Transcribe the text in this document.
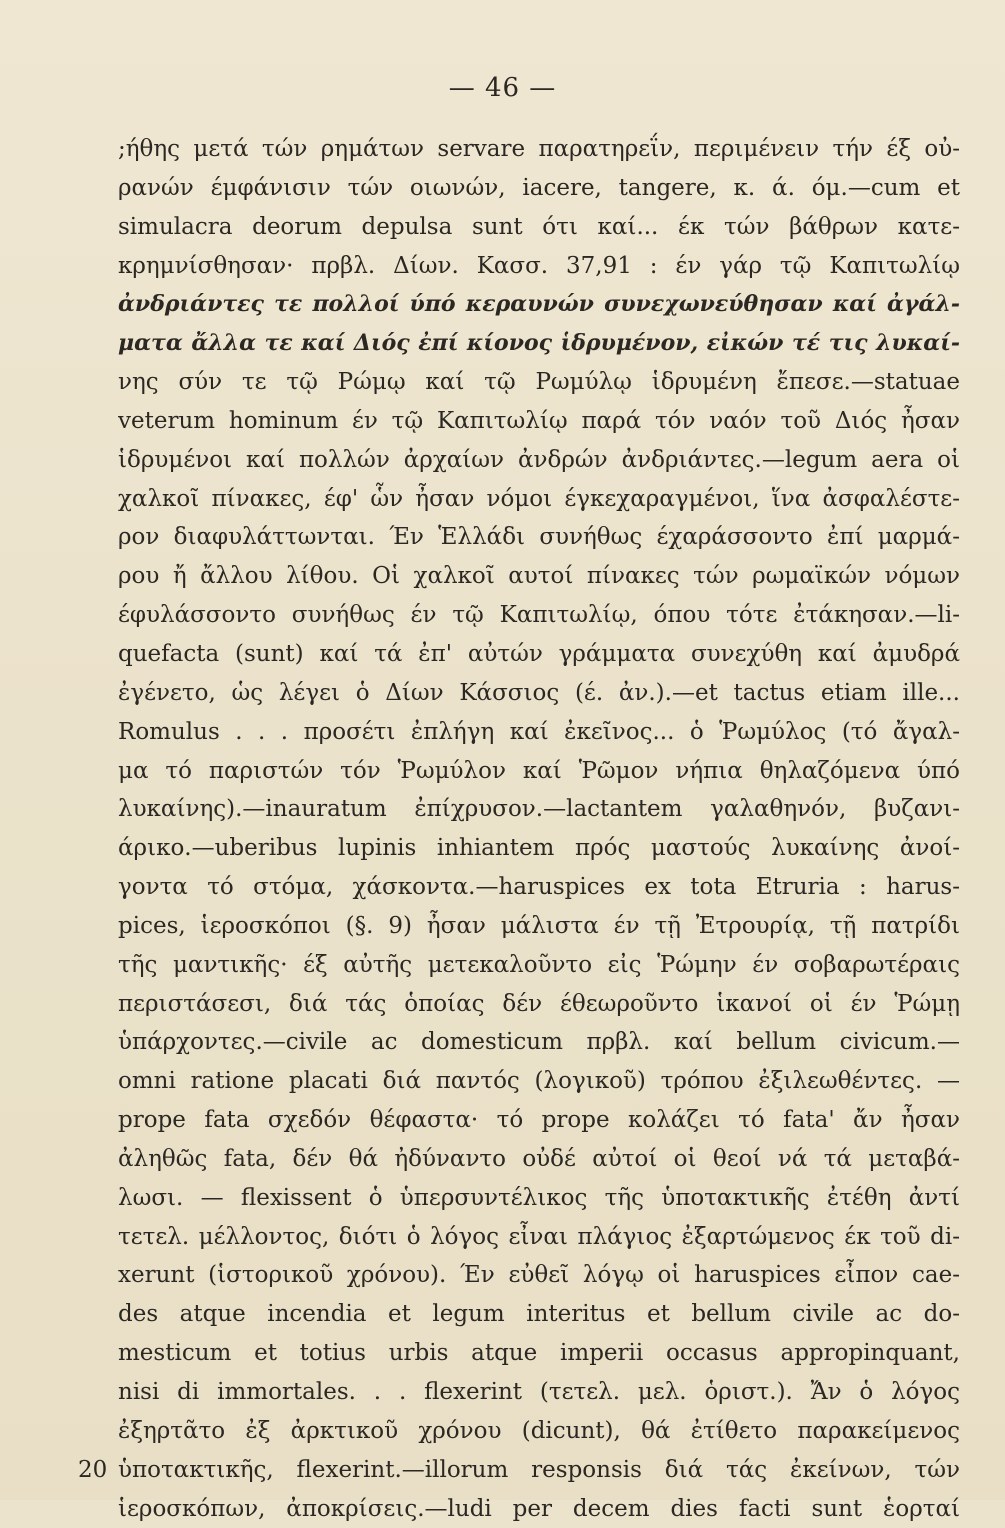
— 46 —
;ήθης μετά τών ρημάτων servare παρατηρεΐν, περιμένειν τήν έξ οὐ-
ρανών έμφάνισιν τών οιωνών, iacere, tangere, κ. ά. όμ.—cum et
simulacra deorum depulsa sunt ότι καί... έκ τών βάθρων κατε-
κρημνίσθησαν· πρβλ. Δίων. Κασσ. 37,91 : έν γάρ τῷ Καπιτωλίῳ
ἀνδριάντες τε πολλοί ύπό κεραυνών συνεχωνεύθησαν καί ἀγάλ-
ματα ἄλλα τε καί Διός ἐπί κίονος ἱδρυμένον, εἰκών τέ τις λυκαί-
νης σύν τε τῷ Ρώμῳ καί τῷ Ρωμύλῳ ἱδρυμένη ἔπεσε.—statuae
veterum hominum έν τῷ Καπιτωλίῳ παρά τόν ναόν τοῦ Διός ἦσαν
ἱδρυμένοι καί πολλών ἀρχαίων ἀνδρών ἀνδριάντες.—legum aera οἱ
χαλκοῖ πίνακες, έφ' ὧν ἦσαν νόμοι έγκεχαραγμένοι, ἵνα ἀσφαλέστε-
ρον διαφυλάττωνται. Έν Ἑλλάδι συνήθως έχαράσσοντο ἐπί μαρμά-
ρου ἤ ἄλλου λίθου. Οἱ χαλκοῖ αυτοί πίνακες τών ρωμαϊκών νόμων
έφυλάσσοντο συνήθως έν τῷ Καπιτωλίῳ, όπου τότε ἐτάκησαν.—li-
quefacta (sunt) καί τά ἐπ' αὐτών γράμματα συνεχύθη καί ἀμυδρά
ἐγένετο, ὡς λέγει ὁ Δίων Κάσσιος (έ. ἀν.).—et tactus etiam ille...
Romulus . . . προσέτι ἐπλήγη καί ἐκεῖνος... ὁ Ῥωμύλος (τό ἄγαλ-
μα τό παριστών τόν Ῥωμύλον καί Ῥῶμον νήπια θηλαζόμενα ύπό
λυκαίνης).—inauratum ἐπίχρυσον.—lactantem γαλαθηνόν, βυζανι-
άρικο.—uberibus lupinis inhiantem πρός μαστούς λυκαίνης ἀνοί-
γοντα τό στόμα, χάσκοντα.—haruspices ex tota Etruria : harus-
pices, ἱεροσκόποι (§. 9) ἦσαν μάλιστα έν τῇ Ἐτρουρίᾳ, τῇ πατρίδι
τῆς μαντικῆς· έξ αὐτῆς μετεκαλοῦντο εἰς Ῥώμην έν σοβαρωτέραις
περιστάσεσι, διά τάς ὁποίας δέν έθεωροῦντο ἱκανοί οἱ έν Ῥώμῃ
ὑπάρχοντες.—civile ac domesticum πρβλ. καί bellum civicum.—
omni ratione placati διά παντός (λογικοῦ) τρόπου ἐξιλεωθέντες. —
prope fata σχεδόν θέφαστα· τό prope κολάζει τό fata' ἄν ἦσαν
ἀληθῶς fata, δέν θά ἠδύναντο οὐδέ αὐτοί οἱ θεοί νά τά μεταβά-
λωσι. — flexissent ὁ ὑπερσυντέλικος τῆς ὑποτακτικῆς ἐτέθη ἀντί
τετελ. μέλλοντος, διότι ὁ λόγος εἶναι πλάγιος ἐξαρτώμενος έκ τοῦ di-
xerunt (ἱστορικοῦ χρόνου). Έν εὐθεῖ λόγῳ οἱ haruspices εἶπον cae-
des atque incendia et legum interitus et bellum civile ac do-
mesticum et totius urbis atque imperii occasus appropinquant,
nisi di immortales. . . flexerint (τετελ. μελ. ὁριστ.). Ἄν ὁ λόγος
ἐξηρτᾶτο ἐξ ἀρκτικοῦ χρόνου (dicunt), θά ἐτίθετο παρακείμενος
ὑποτακτικῆς, flexerint.—illorum responsis διά τάς ἐκείνων, τών
ἱεροσκόπων, ἀποκρίσεις.—ludi per decem dies facti sunt ἑορταί
20
